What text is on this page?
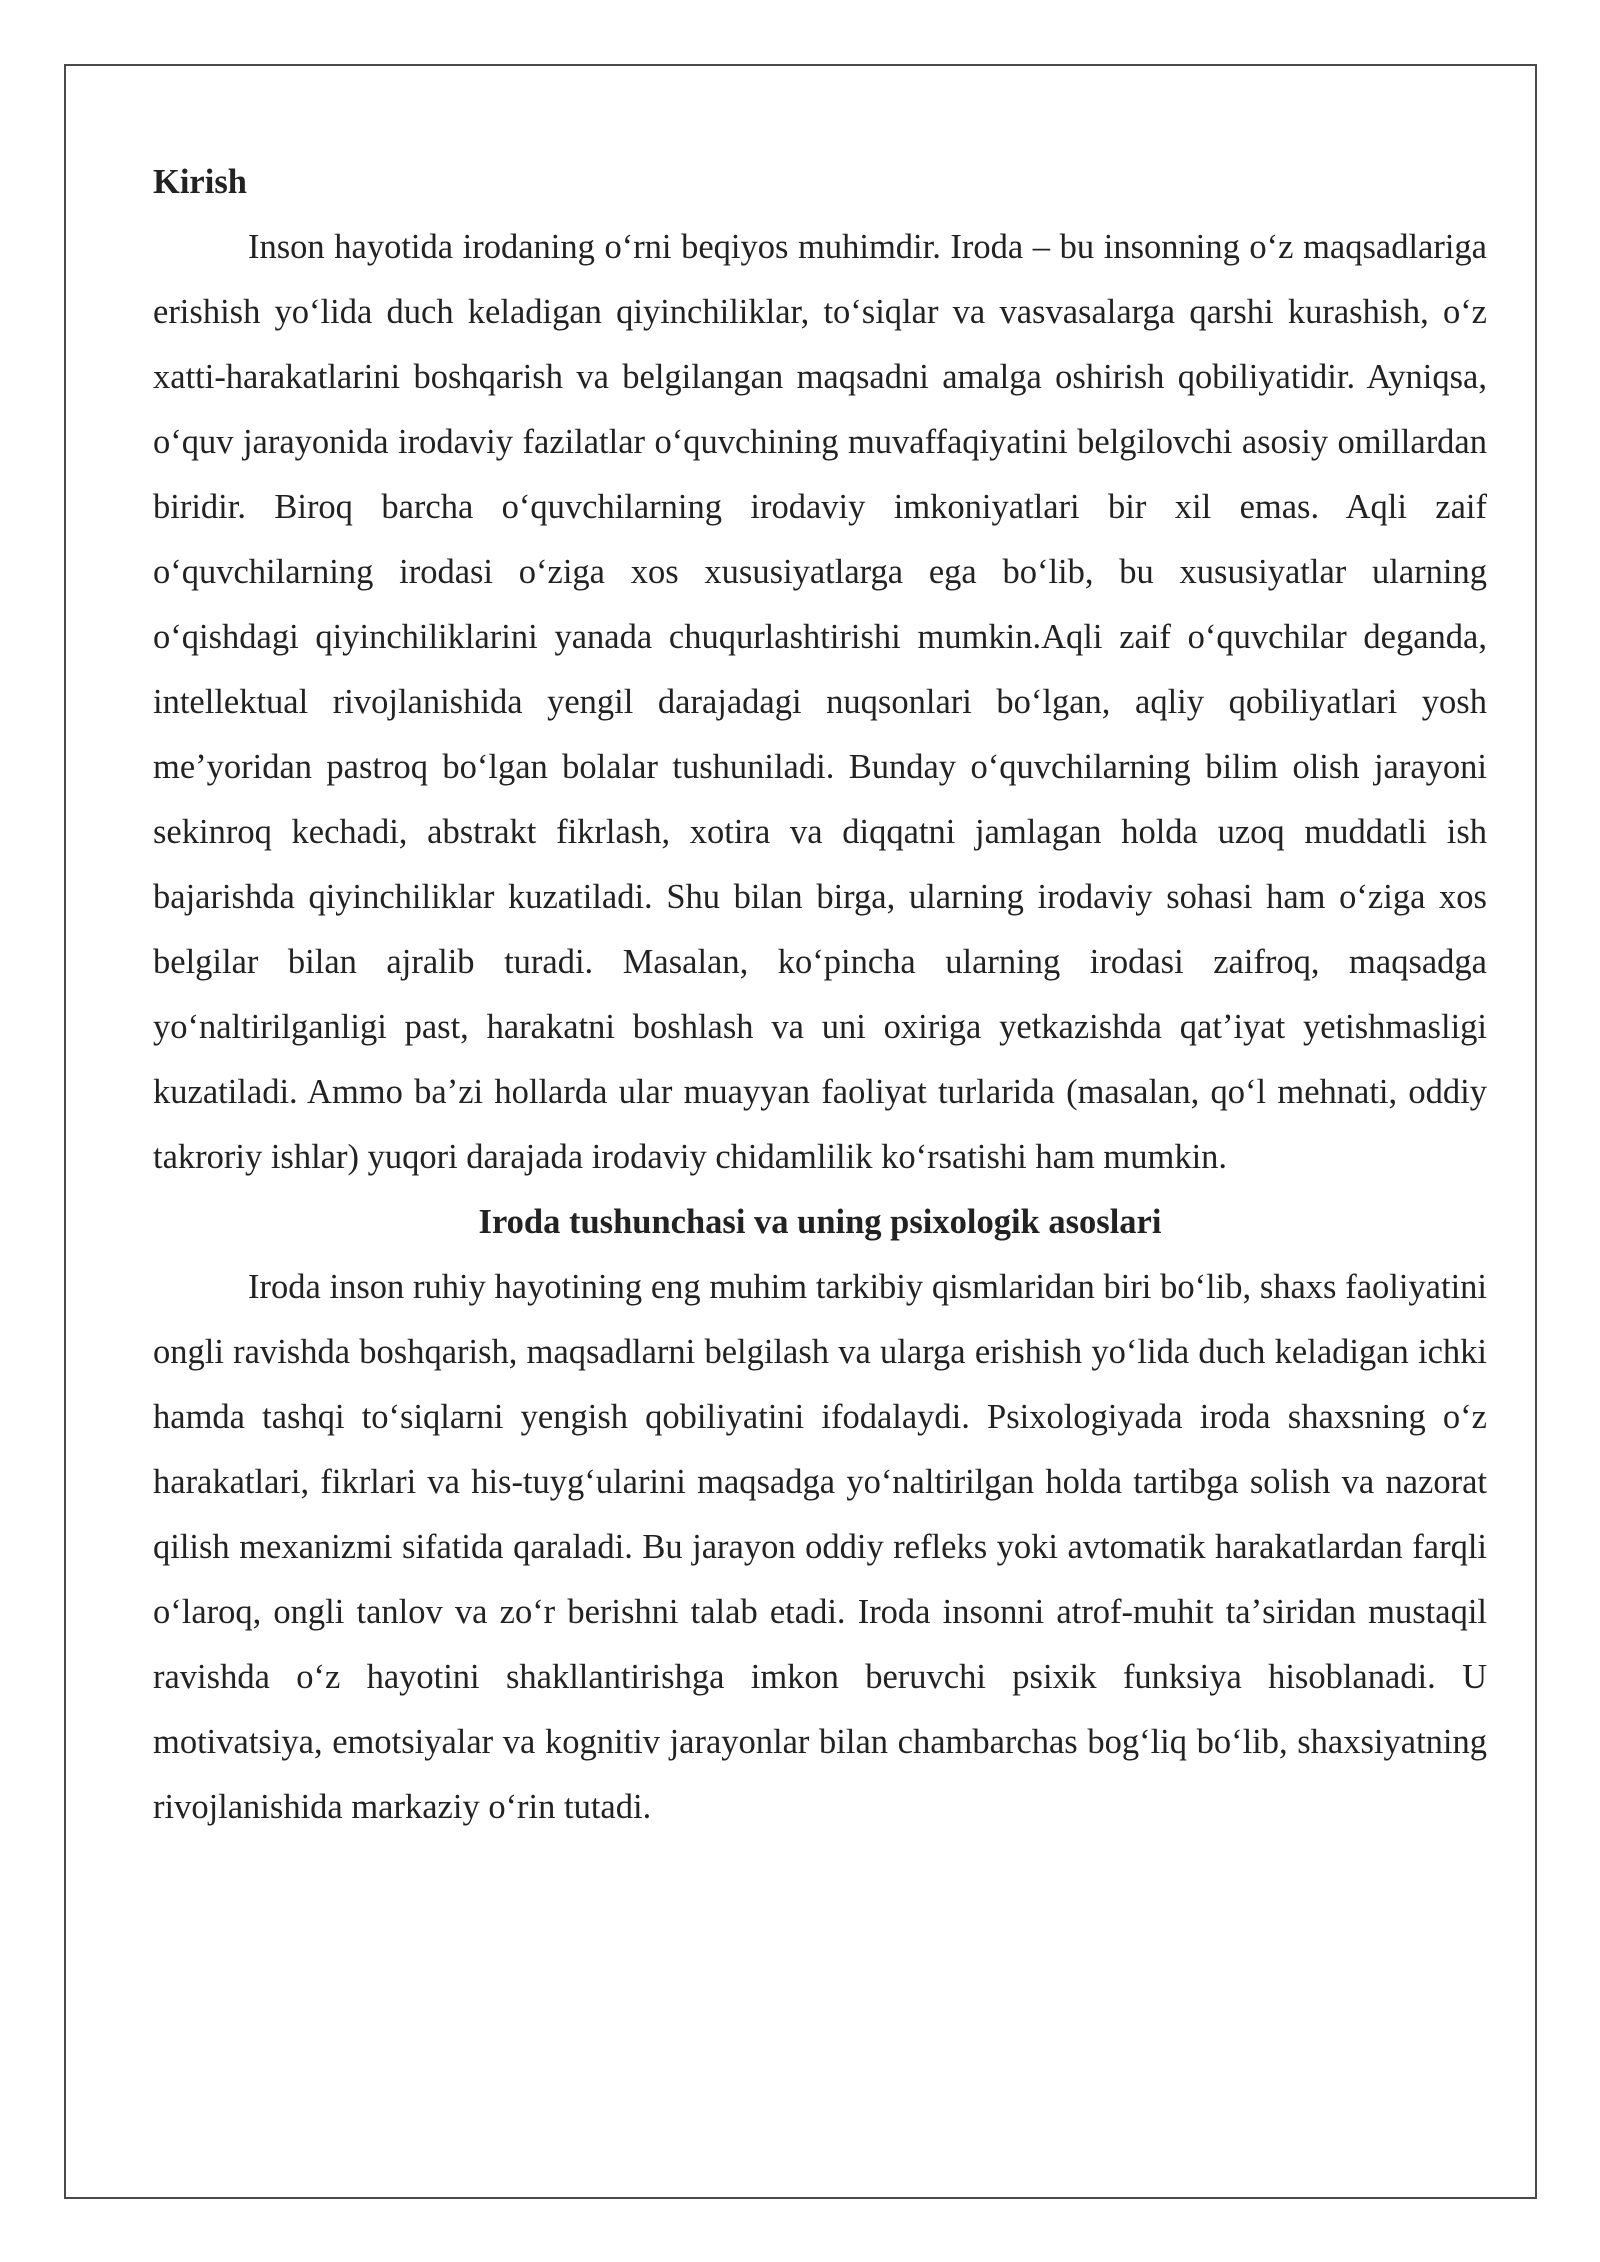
Kirish

Inson hayotida irodaning oʻrni beqiyos muhimdir. Iroda – bu insonning oʻz maqsadlariga erishish yoʻlida duch keladigan qiyinchiliklar, toʻsiqlar va vasvasalarga qarshi kurashish, oʻz xatti-harakatlarini boshqarish va belgilangan maqsadni amalga oshirish qobiliyatidir. Ayniqsa, oʻquv jarayonida irodaviy fazilatlar oʻquvchining muvaffaqiyatini belgilovchi asosiy omillardan biridir. Biroq barcha oʻquvchilarning irodaviy imkoniyatlari bir xil emas. Aqli zaif oʻquvchilarning irodasi oʻziga xos xususiyatlarga ega boʻlib, bu xususiyatlar ularning oʻqishdagi qiyinchiliklarini yanada chuqurlashtirishi mumkin.Aqli zaif oʻquvchilar deganda, intellektual rivojlanishida yengil darajadagi nuqsonlari boʻlgan, aqliy qobiliyatlari yosh meʼyoridan pastroq boʻlgan bolalar tushuniladi. Bunday oʻquvchilarning bilim olish jarayoni sekinroq kechadi, abstrakt fikrlash, xotira va diqqatni jamlagan holda uzoq muddatli ish bajarishda qiyinchiliklar kuzatiladi. Shu bilan birga, ularning irodaviy sohasi ham oʻziga xos belgilar bilan ajralib turadi. Masalan, koʻpincha ularning irodasi zaifroq, maqsadga yoʻnaltirilganligi past, harakatni boshlash va uni oxiriga yetkazishda qatʼiyat yetishmasligi kuzatiladi. Ammo baʼzi hollarda ular muayyan faoliyat turlarida (masalan, qoʻl mehnati, oddiy takroriy ishlar) yuqori darajada irodaviy chidamlilik koʻrsatishi ham mumkin.

Iroda tushunchasi va uning psixologik asoslari

Iroda inson ruhiy hayotining eng muhim tarkibiy qismlaridan biri boʻlib, shaxs faoliyatini ongli ravishda boshqarish, maqsadlarni belgilash va ularga erishish yoʻlida duch keladigan ichki hamda tashqi toʻsiqlarni yengish qobiliyatini ifodalaydi. Psixologiyada iroda shaxsning oʻz harakatlari, fikrlari va his-tuygʻularini maqsadga yoʻnaltirilgan holda tartibga solish va nazorat qilish mexanizmi sifatida qaraladi. Bu jarayon oddiy refleks yoki avtomatik harakatlardan farqli oʻlaroq, ongli tanlov va zoʻr berishni talab etadi. Iroda insonni atrof-muhit taʼsiridan mustaqil ravishda oʻz hayotini shakllantirishga imkon beruvchi psixik funksiya hisoblanadi. U motivatsiya, emotsiyalar va kognitiv jarayonlar bilan chambarchas bogʻliq boʻlib, shaxsiyatning rivojlanishida markaziy oʻrin tutadi.
